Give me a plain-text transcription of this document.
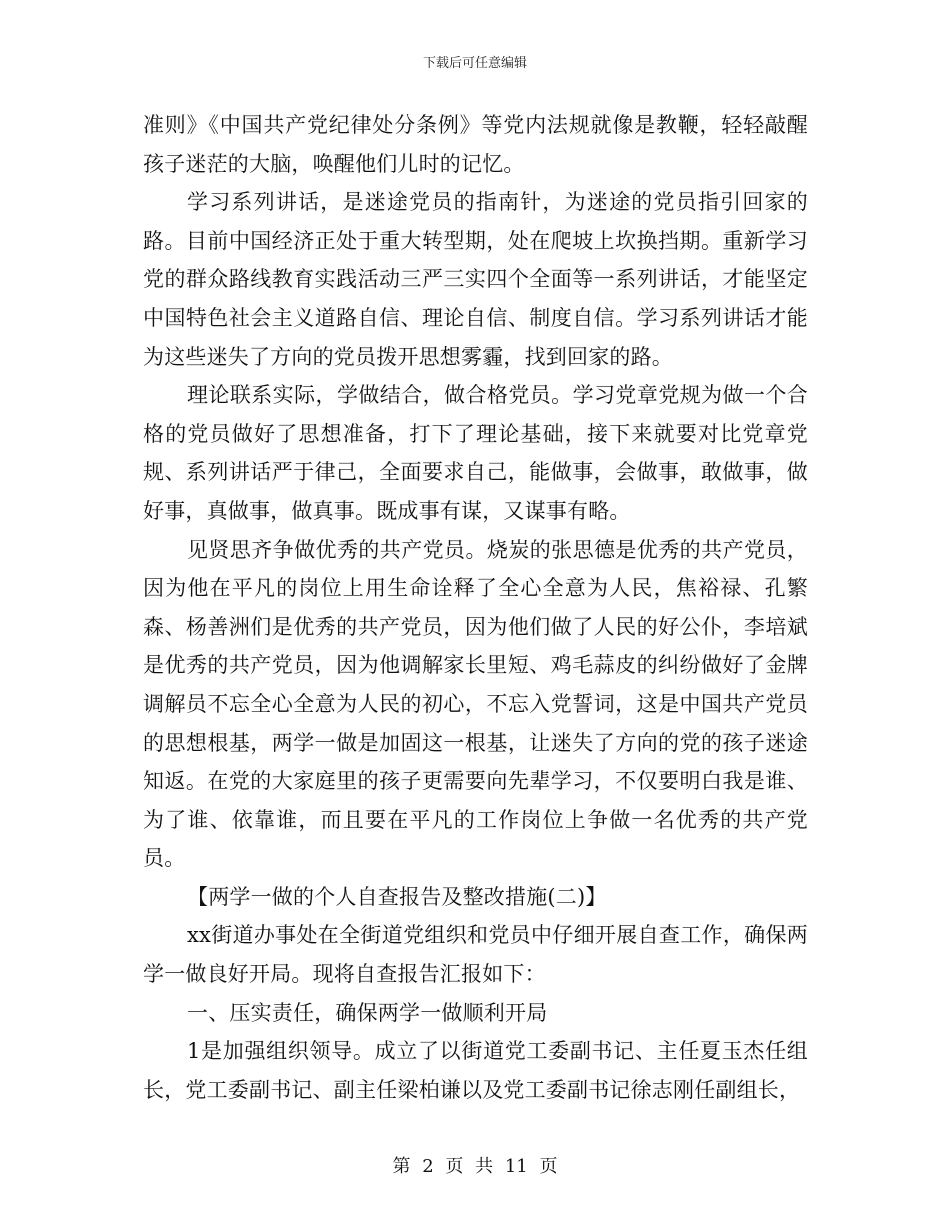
下载后可任意编辑

准则》《中国共产党纪律处分条例》等党内法规就像是教鞭，轻轻敲醒孩子迷茫的大脑，唤醒他们儿时的记忆。

学习系列讲话，是迷途党员的指南针，为迷途的党员指引回家的路。目前中国经济正处于重大转型期，处在爬坡上坎换挡期。重新学习党的群众路线教育实践活动三严三实四个全面等一系列讲话，才能坚定中国特色社会主义道路自信、理论自信、制度自信。学习系列讲话才能为这些迷失了方向的党员拨开思想雾霾，找到回家的路。

理论联系实际，学做结合，做合格党员。学习党章党规为做一个合格的党员做好了思想准备，打下了理论基础，接下来就要对比党章党规、系列讲话严于律己，全面要求自己，能做事，会做事，敢做事，做好事，真做事，做真事。既成事有谋，又谋事有略。

见贤思齐争做优秀的共产党员。烧炭的张思德是优秀的共产党员，因为他在平凡的岗位上用生命诠释了全心全意为人民，焦裕禄、孔繁森、杨善洲们是优秀的共产党员，因为他们做了人民的好公仆，李培斌是优秀的共产党员，因为他调解家长里短、鸡毛蒜皮的纠纷做好了金牌调解员不忘全心全意为人民的初心，不忘入党誓词，这是中国共产党员的思想根基，两学一做是加固这一根基，让迷失了方向的党的孩子迷途知返。在党的大家庭里的孩子更需要向先辈学习，不仅要明白我是谁、为了谁、依靠谁，而且要在平凡的工作岗位上争做一名优秀的共产党员。

【两学一做的个人自查报告及整改措施(二)】

xx街道办事处在全街道党组织和党员中仔细开展自查工作，确保两学一做良好开局。现将自查报告汇报如下：

一、压实责任，确保两学一做顺利开局

1是加强组织领导。成立了以街道党工委副书记、主任夏玉杰任组长，党工委副书记、副主任梁柏谦以及党工委副书记徐志刚任副组长，

第 2 页 共 11 页
